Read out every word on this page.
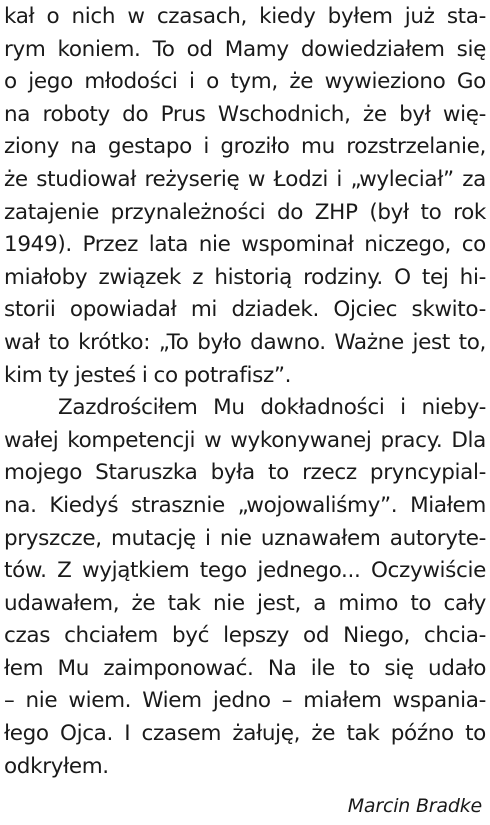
kał o nich w czasach, kiedy byłem już sta-
rym koniem. To od Mamy dowiedziałem się
o jego młodości i o tym, że wywieziono Go
na roboty do Prus Wschodnich, że był wię-
ziony na gestapo i groziło mu rozstrzelanie,
że studiował reżyserię w Łodzi i „wyleciał” za
zatajenie przynależności do ZHP (był to rok
1949). Przez lata nie wspominał niczego, co
miałoby związek z historią rodziny. O tej hi-
storii opowiadał mi dziadek. Ojciec skwito-
wał to krótko: „To było dawno. Ważne jest to,
kim ty jesteś i co potrafisz”.
Zazdrościłem Mu dokładności i nieby-
wałej kompetencji w wykonywanej pracy. Dla
mojego Staruszka była to rzecz pryncypial-
na. Kiedyś strasznie „wojowaliśmy”. Miałem
pryszcze, mutację i nie uznawałem autoryte-
tów. Z wyjątkiem tego jednego... Oczywiście
udawałem, że tak nie jest, a mimo to cały
czas chciałem być lepszy od Niego, chcia-
łem Mu zaimponować. Na ile to się udało
– nie wiem. Wiem jedno – miałem wspania-
łego Ojca. I czasem żałuję, że tak późno to
odkryłem.
Marcin Bradke
